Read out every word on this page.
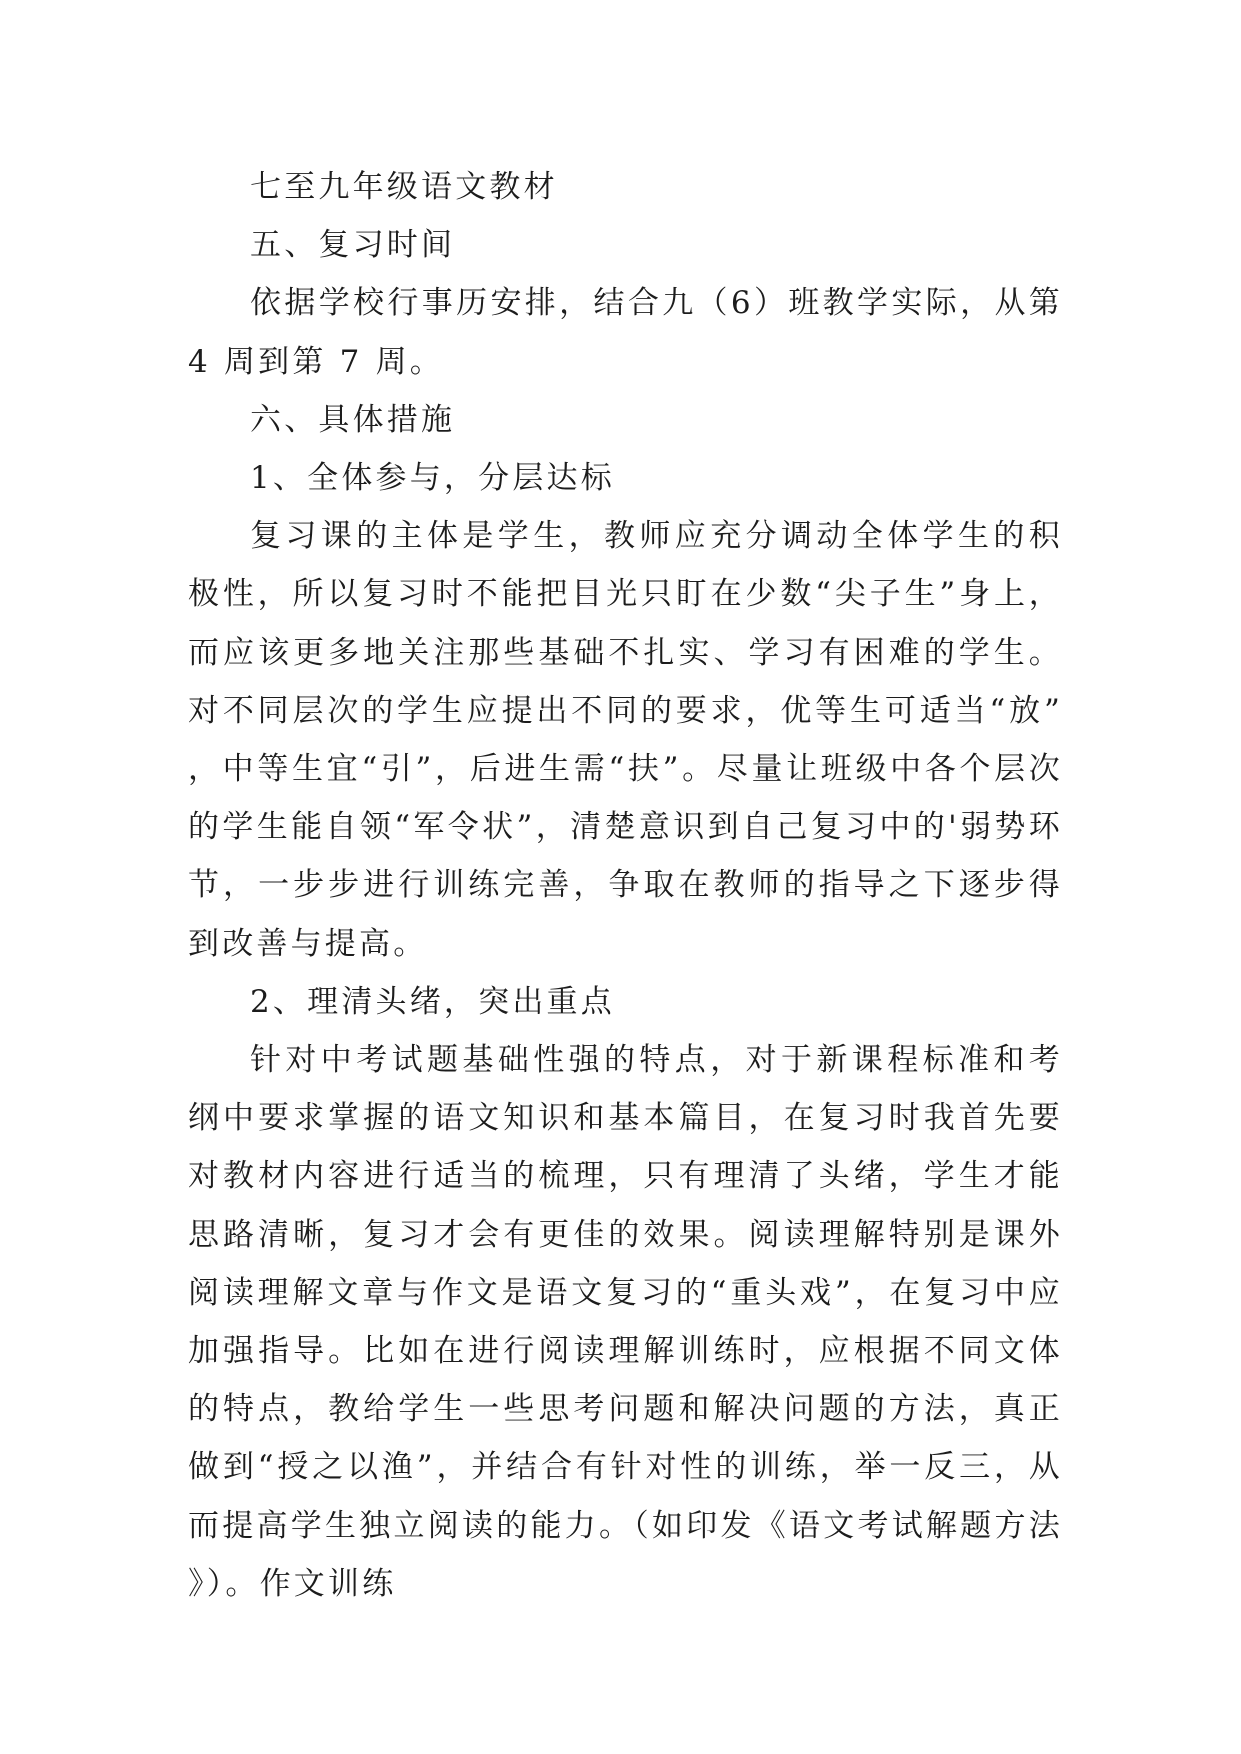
七至九年级语文教材

五、复习时间

依据学校行事历安排，结合九（6）班教学实际，从第 4 周到第 7 周。

六、具体措施

1、全体参与，分层达标

复习课的主体是学生，教师应充分调动全体学生的积极性，所以复习时不能把目光只盯在少数“尖子生”身上，而应该更多地关注那些基础不扎实、学习有困难的学生。对不同层次的学生应提出不同的要求，优等生可适当“放”，中等生宜“引”，后进生需“扶”。尽量让班级中各个层次的学生能自领“军令状”，清楚意识到自己复习中的'弱势环节，一步步进行训练完善，争取在教师的指导之下逐步得到改善与提高。

2、理清头绪，突出重点

针对中考试题基础性强的特点，对于新课程标准和考纲中要求掌握的语文知识和基本篇目，在复习时我首先要对教材内容进行适当的梳理，只有理清了头绪，学生才能思路清晰，复习才会有更佳的效果。阅读理解特别是课外阅读理解文章与作文是语文复习的“重头戏”，在复习中应加强指导。比如在进行阅读理解训练时，应根据不同文体的特点，教给学生一些思考问题和解决问题的方法，真正做到“授之以渔”，并结合有针对性的训练，举一反三，从而提高学生独立阅读的能力。（如印发《语文考试解题方法》）。作文训练
